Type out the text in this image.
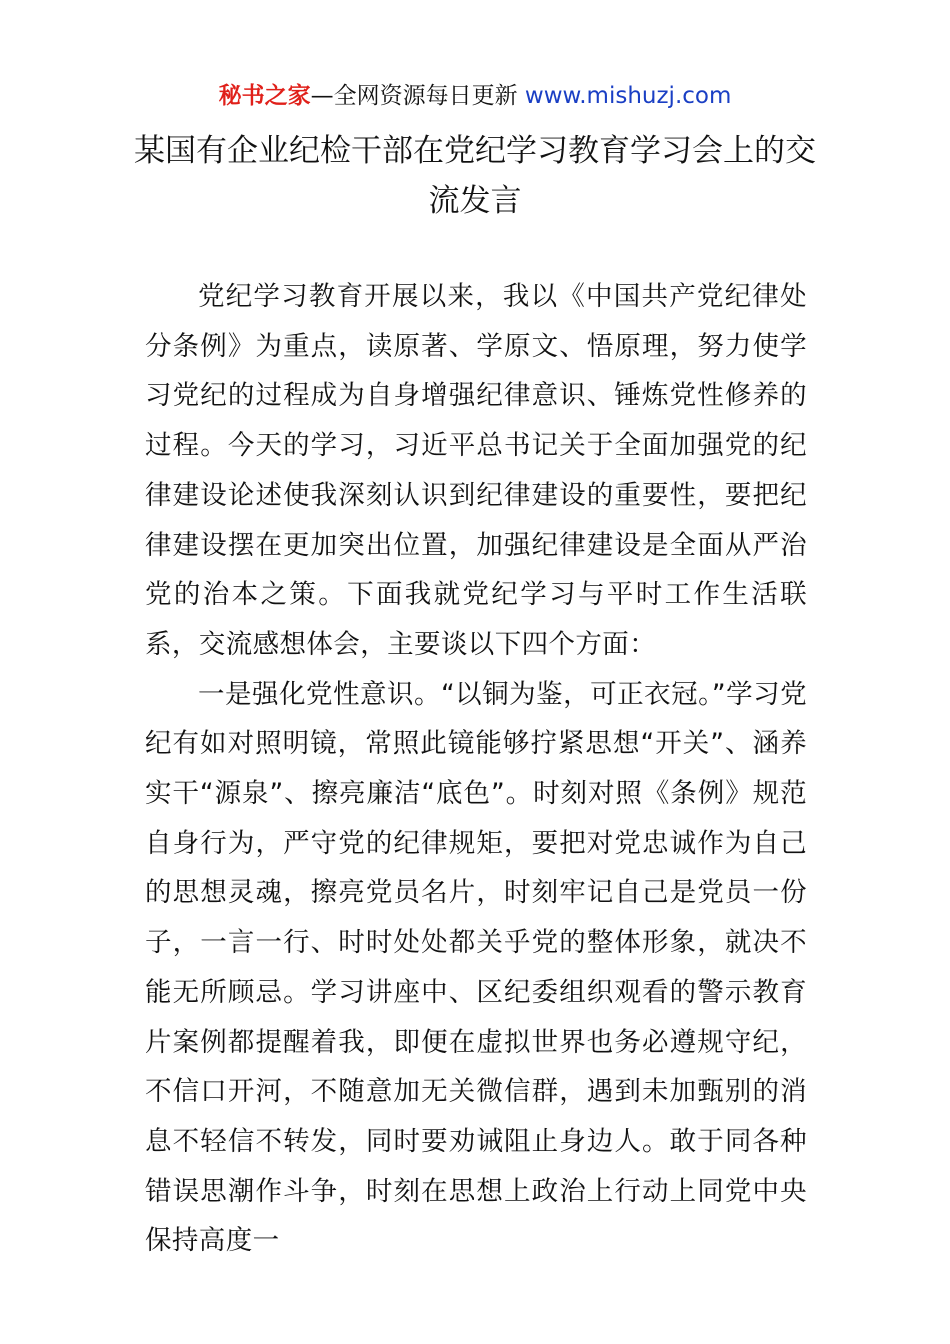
秘书之家—全网资源每日更新 www.mishuzj.com
某国有企业纪检干部在党纪学习教育学习会上的交流发言

党纪学习教育开展以来，我以《中国共产党纪律处分条例》为重点，读原著、学原文、悟原理，努力使学习党纪的过程成为自身增强纪律意识、锤炼党性修养的过程。今天的学习，习近平总书记关于全面加强党的纪律建设论述使我深刻认识到纪律建设的重要性，要把纪律建设摆在更加突出位置，加强纪律建设是全面从严治党的治本之策。下面我就党纪学习与平时工作生活联系，交流感想体会，主要谈以下四个方面：

一是强化党性意识。“以铜为鉴，可正衣冠。”学习党纪有如对照明镜，常照此镜能够拧紧思想“开关”、涵养实干“源泉”、擦亮廉洁“底色”。时刻对照《条例》规范自身行为，严守党的纪律规矩，要把对党忠诚作为自己的思想灵魂，擦亮党员名片，时刻牢记自己是党员一份子，一言一行、时时处处都关乎党的整体形象，就决不能无所顾忌。学习讲座中、区纪委组织观看的警示教育片案例都提醒着我，即便在虚拟世界也务必遵规守纪，不信口开河，不随意加无关微信群，遇到未加甄别的消息不轻信不转发，同时要劝诫阻止身边人。敢于同各种错误思潮作斗争，时刻在思想上政治上行动上同党中央保持高度一
